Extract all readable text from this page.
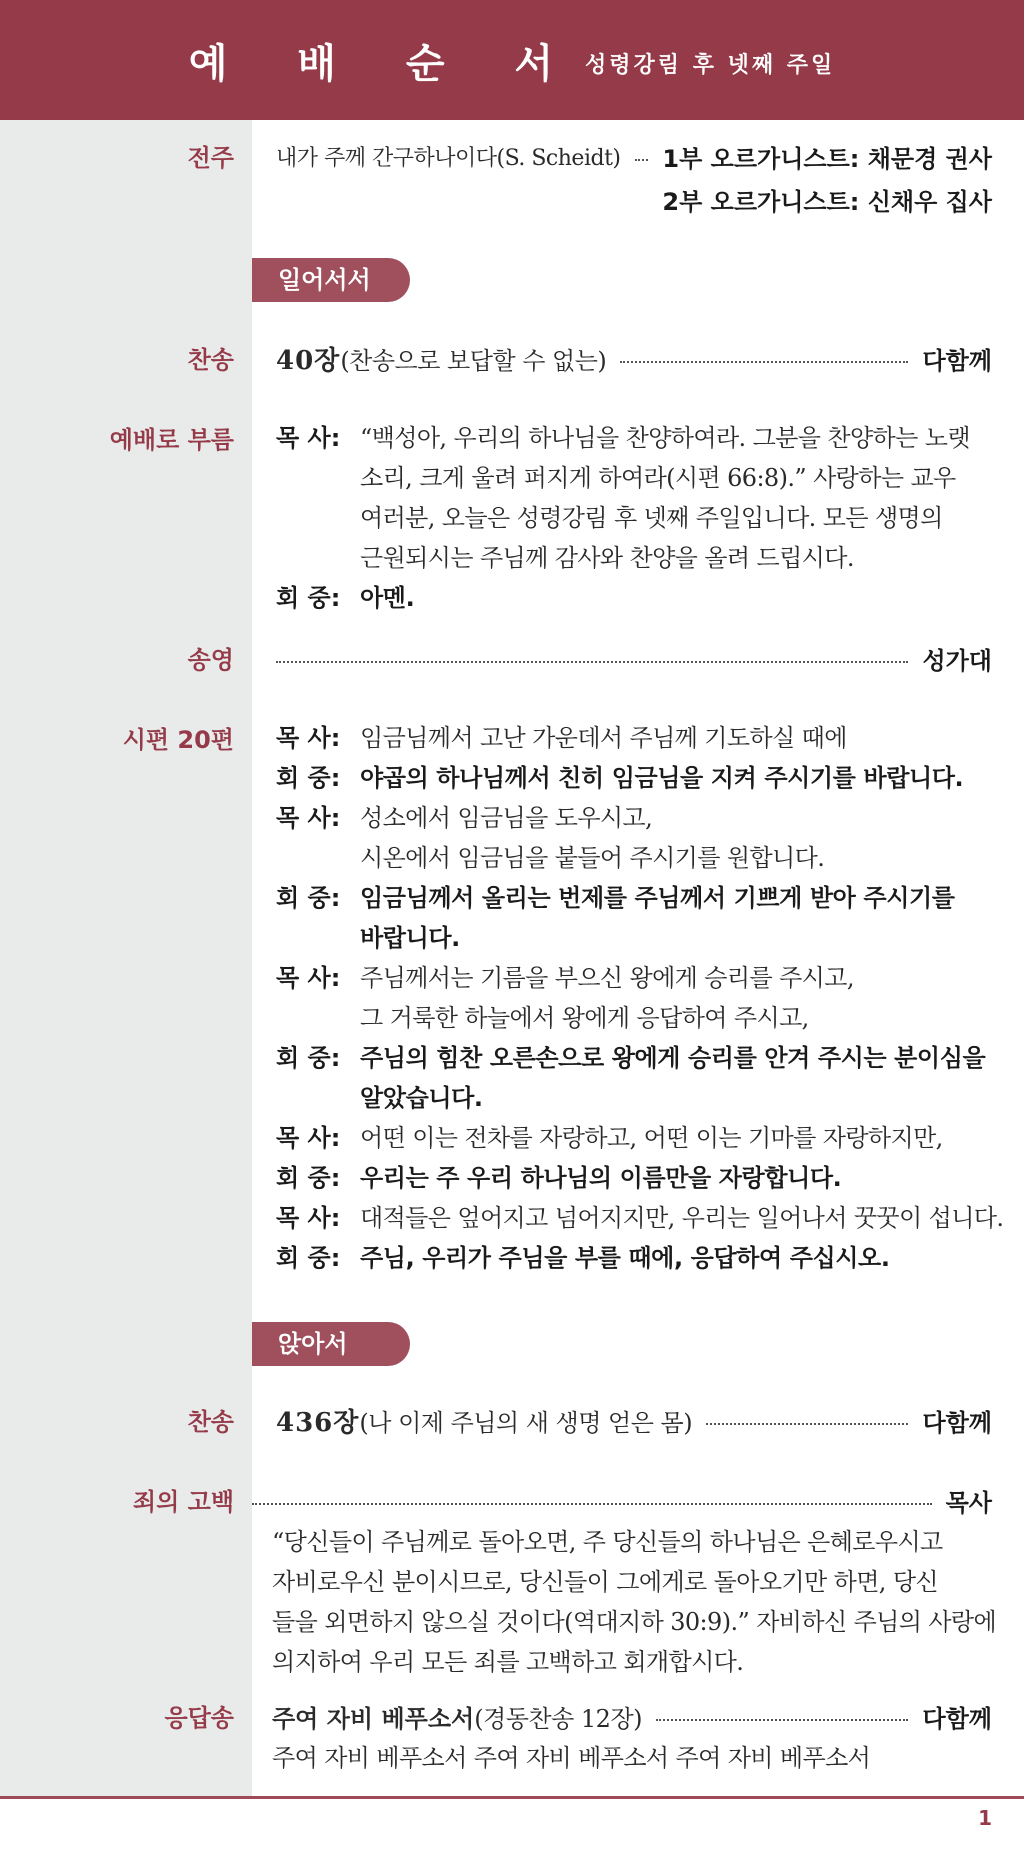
예 배 순 서 성령강림 후 넷째 주일
전주 내가 주께 간구하나이다(S. Scheidt) 1부 오르가니스트: 채문경 권사
2부 오르가니스트: 신채우 집사
일어서서
찬송 40장 (찬송으로 보답할 수 없는)	다함께
예배로 부름 목 사: “백성아, 우리의 하나님을 찬양하여라. 그분을 찬양하는 노랫
소리, 크게 울려 퍼지게 하여라(시편 66:8).” 사랑하는 교우
여러분, 오늘은 성령강림 후 넷째 주일입니다. 모든 생명의
근원되시는 주님께 감사와 찬양을 올려 드립시다.
회 중: 아멘.
송영	성가대
시편 20편 목 사: 임금님께서 고난 가운데서 주님께 기도하실 때에
회 중: 야곱의 하나님께서 친히 임금님을 지켜 주시기를 바랍니다.
목 사: 성소에서 임금님을 도우시고,
시온에서 임금님을 붙들어 주시기를 원합니다.
회 중: 임금님께서 올리는 번제를 주님께서 기쁘게 받아 주시기를
바랍니다.
목 사: 주님께서는 기름을 부으신 왕에게 승리를 주시고,
그 거룩한 하늘에서 왕에게 응답하여 주시고,
회 중: 주님의 힘찬 오른손으로 왕에게 승리를 안겨 주시는 분이심을
알았습니다.
목 사: 어떤 이는 전차를 자랑하고, 어떤 이는 기마를 자랑하지만,
회 중: 우리는 주 우리 하나님의 이름만을 자랑합니다.
목 사: 대적들은 엎어지고 넘어지지만, 우리는 일어나서 꿋꿋이 섭니다.
회 중: 주님, 우리가 주님을 부를 때에, 응답하여 주십시오.
앉아서
찬송 436장 (나 이제 주님의 새 생명 얻은 몸)	다함께
죄의 고백	목사
“당신들이 주님께로 돌아오면, 주 당신들의 하나님은 은혜로우시고
자비로우신 분이시므로, 당신들이 그에게로 돌아오기만 하면, 당신
들을 외면하지 않으실 것이다(역대지하 30:9).” 자비하신 주님의 사랑에
의지하여 우리 모든 죄를 고백하고 회개합시다.
응답송 주여 자비 베푸소서 (경동찬송 12장)	다함께
주여 자비 베푸소서 주여 자비 베푸소서 주여 자비 베푸소서
1
